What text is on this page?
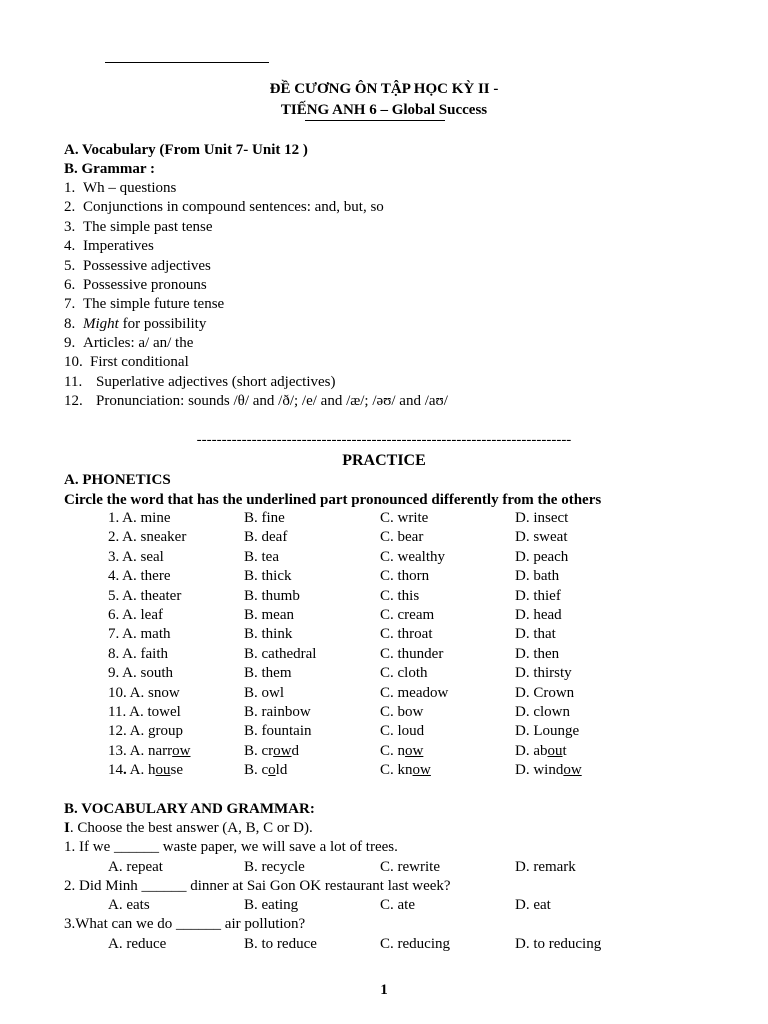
ĐỀ CƯƠNG ÔN TẬP HỌC KỲ II -
TIẾNG ANH 6 – Global Success
A. Vocabulary (From Unit 7- Unit 12 )
B. Grammar :
1. Wh – questions
2. Conjunctions in compound sentences: and, but, so
3. The simple past tense
4. Imperatives
5. Possessive adjectives
6. Possessive pronouns
7. The simple future tense
8. Might for possibility
9. Articles: a/ an/ the
10. First conditional
11. Superlative adjectives (short adjectives)
12. Pronunciation: sounds /θ/ and /ð/; /e/ and /æ/; /əʊ/ and /aʊ/
---------------------------------------------------------------------------
PRACTICE
A. PHONETICS
Circle the word that has the underlined part pronounced differently from the others
1. A. mine	B. fine	C. write	D. insect
2. A. sneaker	B. deaf	C. bear	D. sweat
3. A. seal	B. tea	C. wealthy	D. peach
4. A. there	B. thick	C. thorn	D. bath
5. A. theater	B. thumb	C. this	D. thief
6. A. leaf	B. mean	C. cream	D. head
7. A. math	B. think	C. throat	D. that
8. A. faith	B. cathedral	C. thunder	D. then
9. A. south	B. them	C. cloth	D. thirsty
10. A. snow	B. owl	C. meadow	D. Crown
11. A. towel	B. rainbow	C. bow	D. clown
12. A. group	B. fountain	C. loud	D. Lounge
13. A. narrow	B. crowd	C. now	D. about
14. A. house	B. cold	C. know	D. window
B. VOCABULARY AND GRAMMAR:
I. Choose the best answer (A, B, C or D).
1. If we ______ waste paper, we will save a lot of trees.
A. repeat	B. recycle	C. rewrite	D. remark
2. Did Minh ______ dinner at Sai Gon OK restaurant last week?
A. eats	B. eating	C. ate	D. eat
3.What can we do ______ air pollution?
A. reduce	B. to reduce	C. reducing	D. to reducing
1
